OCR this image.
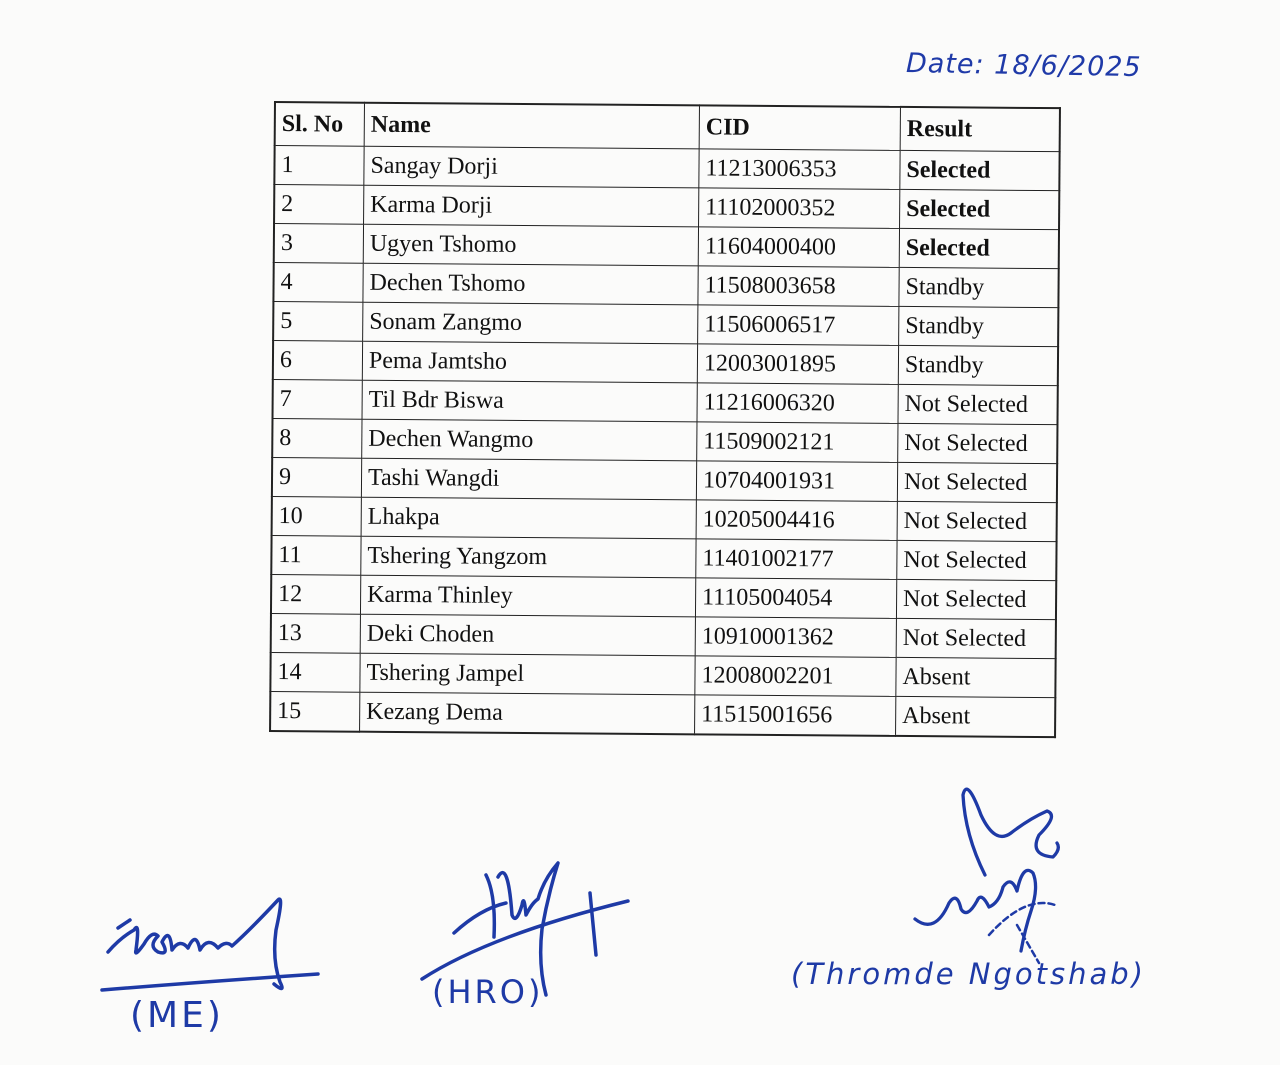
Date: 18/6/2025
Sl. No	Name	CID	Result
1	Sangay Dorji	11213006353	Selected
2	Karma Dorji	11102000352	Selected
3	Ugyen Tshomo	11604000400	Selected
4	Dechen Tshomo	11508003658	Standby
5	Sonam Zangmo	11506006517	Standby
6	Pema Jamtsho	12003001895	Standby
7	Til Bdr Biswa	11216006320	Not Selected
8	Dechen Wangmo	11509002121	Not Selected
9	Tashi Wangdi	10704001931	Not Selected
10	Lhakpa	10205004416	Not Selected
11	Tshering Yangzom	11401002177	Not Selected
12	Karma Thinley	11105004054	Not Selected
13	Deki Choden	10910001362	Not Selected
14	Tshering Jampel	12008002201	Absent
15	Kezang Dema	11515001656	Absent
(ME)
(HRO)	(Thromde Ngotshab)
